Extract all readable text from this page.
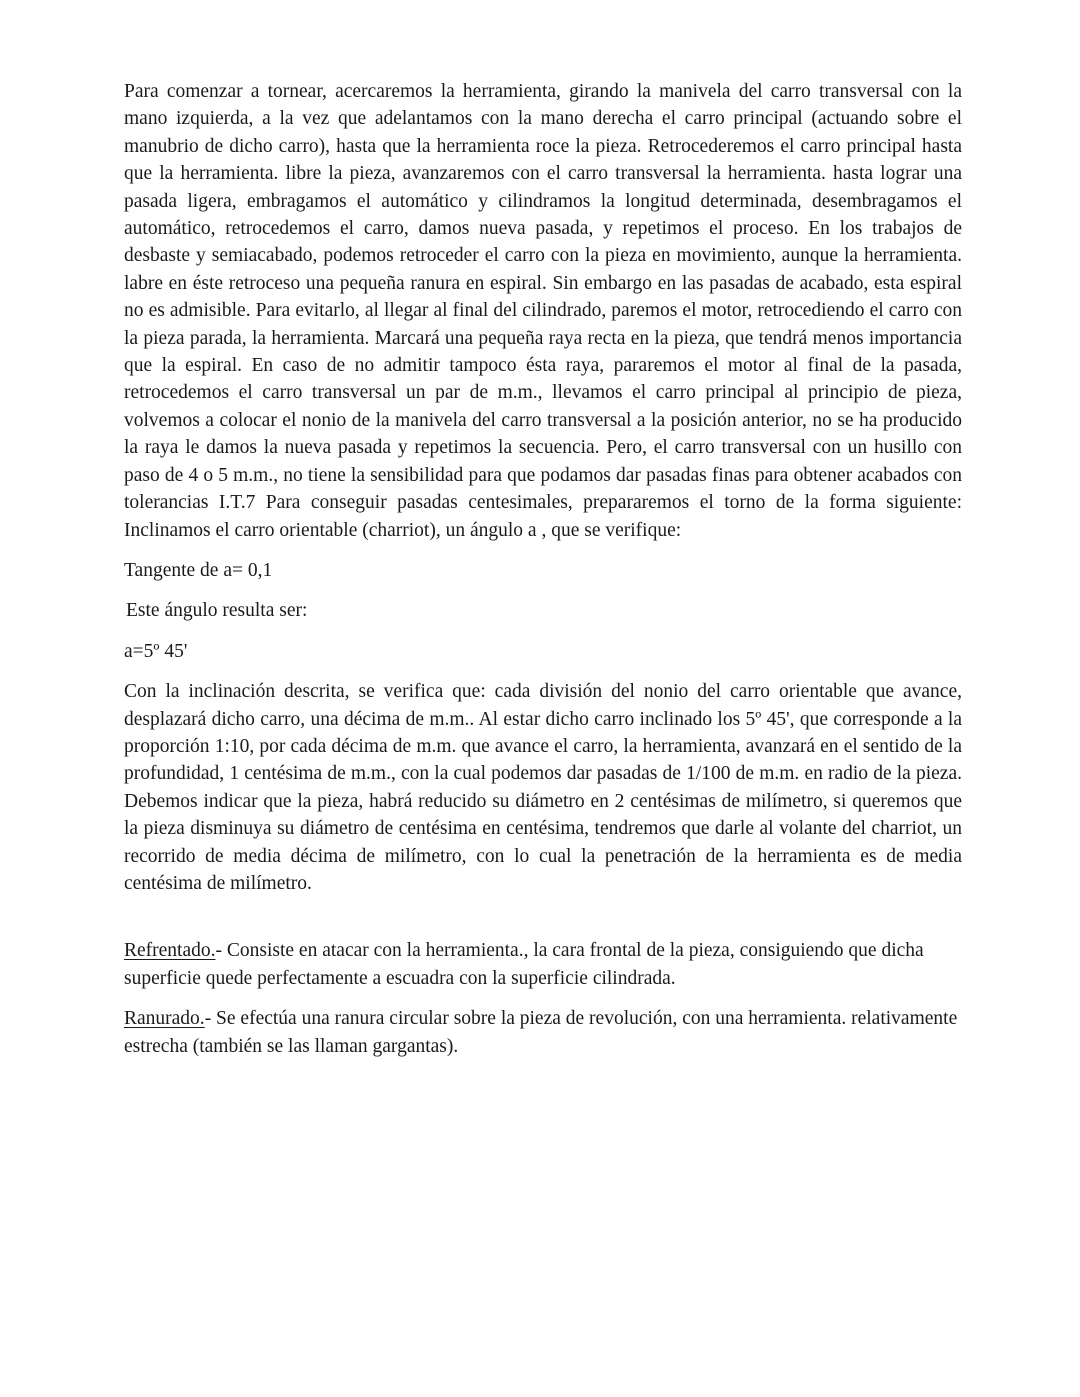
Para comenzar a tornear, acercaremos la herramienta, girando la manivela del carro transversal con la mano izquierda, a la vez que adelantamos con la mano derecha el carro principal (actuando sobre el manubrio de dicho carro), hasta que la herramienta roce la pieza. Retrocederemos el carro principal hasta que la herramienta. libre la pieza, avanzaremos con el carro transversal la herramienta. hasta lograr una pasada ligera, embragamos el automático y cilindramos la longitud determinada, desembragamos el automático, retrocedemos el carro, damos nueva pasada, y repetimos el proceso. En los trabajos de desbaste y semiacabado, podemos retroceder el carro con la pieza en movimiento, aunque la herramienta. labre en éste retroceso una pequeña ranura en espiral. Sin embargo en las pasadas de acabado, esta espiral no es admisible. Para evitarlo, al llegar al final del cilindrado, paremos el motor, retrocediendo el carro con la pieza parada, la herramienta. Marcará una pequeña raya recta en la pieza, que tendrá menos importancia que la espiral. En caso de no admitir tampoco ésta raya, pararemos el motor al final de la pasada, retrocedemos el carro transversal un par de m.m., llevamos el carro principal al principio de pieza, volvemos a colocar el nonio de la manivela del carro transversal a la posición anterior, no se ha producido la raya le damos la nueva pasada y repetimos la secuencia. Pero, el carro transversal con un husillo con paso de 4 o 5 m.m., no tiene la sensibilidad para que podamos dar pasadas finas para obtener acabados con tolerancias I.T.7 Para conseguir pasadas centesimales, prepararemos el torno de la forma siguiente: Inclinamos el carro orientable (charriot), un ángulo a , que se verifique:

Tangente de a= 0,1

Este ángulo resulta ser:

a=5º 45'

Con la inclinación descrita, se verifica que: cada división del nonio del carro orientable que avance, desplazará dicho carro, una décima de m.m.. Al estar dicho carro inclinado los 5º 45', que corresponde a la proporción 1:10, por cada décima de m.m. que avance el carro, la herramienta, avanzará en el sentido de la profundidad, 1 centésima de m.m., con la cual podemos dar pasadas de 1/100 de m.m. en radio de la pieza. Debemos indicar que la pieza, habrá reducido su diámetro en 2 centésimas de milímetro, si queremos que la pieza disminuya su diámetro de centésima en centésima, tendremos que darle al volante del charriot, un recorrido de media décima de milímetro, con lo cual la penetración de la herramienta es de media centésima de milímetro.

Refrentado.- Consiste en atacar con la herramienta., la cara frontal de la pieza, consiguiendo que dicha superficie quede perfectamente a escuadra con la superficie cilindrada.

Ranurado.- Se efectúa una ranura circular sobre la pieza de revolución, con una herramienta. relativamente estrecha (también se las llaman gargantas).
